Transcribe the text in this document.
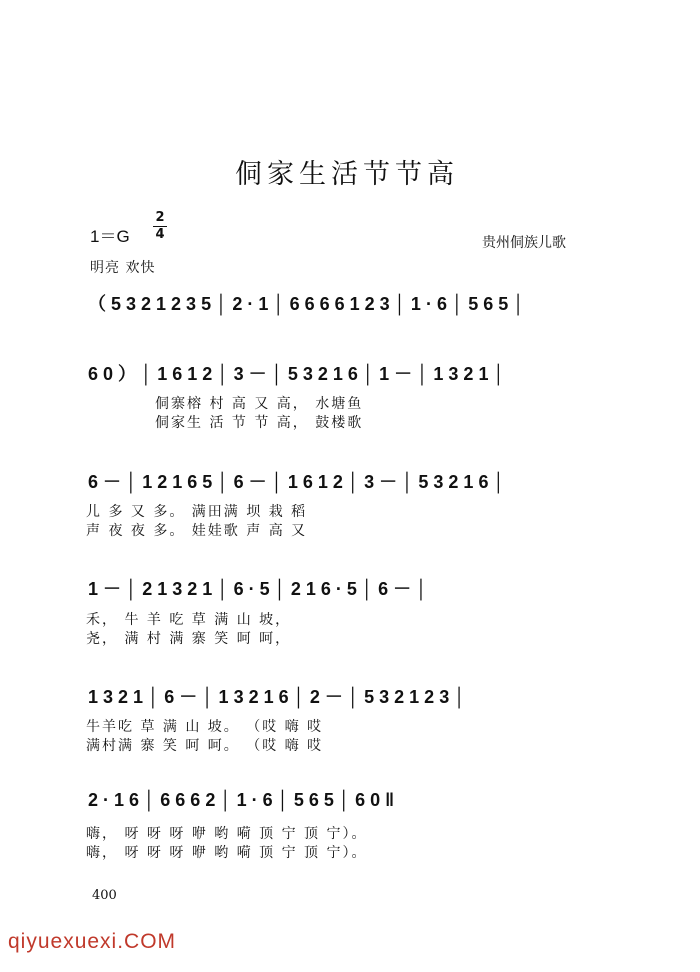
侗家生活节节高
1＝G
2
4
贵州侗族儿歌
明亮 欢快
（ 5 3 2 1 2 3 5 │ 2 · 1 │ 6 6 6 6 1 2 3 │ 1 · 6 │ 5 6 5 │
6 0 ） │ 1 6 1 2 │ 3 － │ 5 3 2 1 6 │ 1 － │ 1 3 2 1 │
侗寨榕 村 高 又 高， 水塘鱼
侗家生 活 节 节 高， 鼓楼歌
6 － │ 1 2 1 6 5 │ 6 － │ 1 6 1 2 │ 3 － │ 5 3 2 1 6 │
儿 多 又 多。 满田满 坝 栽 稻
声 夜 夜 多。 娃娃歌 声 高 又
1 － │ 2 1 3 2 1 │ 6 · 5 │ 2 1 6 · 5 │ 6 － │
禾， 牛 羊 吃 草 满 山 坡，
尧， 满 村 满 寨 笑 呵 呵，
1 3 2 1 │ 6 － │ 1 3 2 1 6 │ 2 － │ 5 3 2 1 2 3 │
牛羊吃 草 满 山 坡。 （哎 嗨 哎
满村满 寨 笑 呵 呵。 （哎 嗨 哎
2 · 1 6 │ 6 6 6 2 │ 1 · 6 │ 5 6 5 │ 6 0 ‖
嗨， 呀 呀 呀 咿 哟 嗬 顶 宁 顶 宁）。
嗨， 呀 呀 呀 咿 哟 嗬 顶 宁 顶 宁）。
400
qiyuexuexi.COM
